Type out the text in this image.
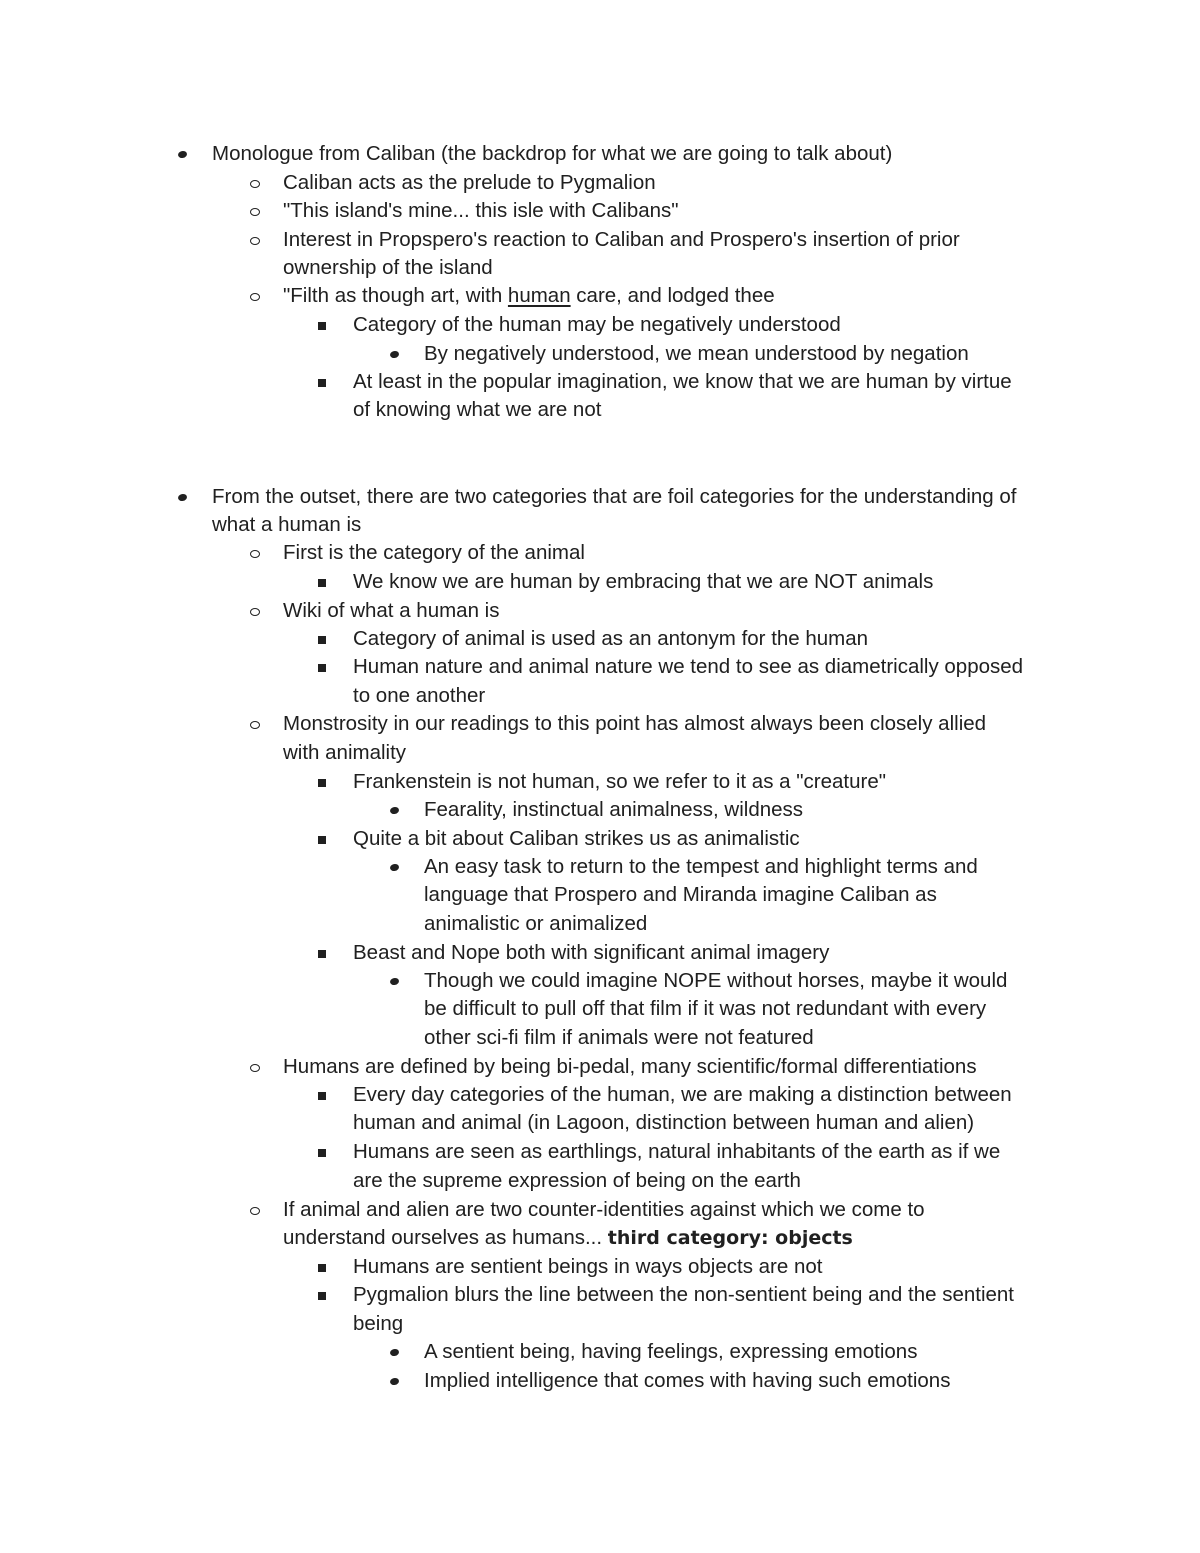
Monologue from Caliban (the backdrop for what we are going to talk about)
Caliban acts as the prelude to Pygmalion
"This island's mine... this isle with Calibans"
Interest in Propspero's reaction to Caliban and Prospero's insertion of prior
ownership of the island
"Filth as though art, with human care, and lodged thee
Category of the human may be negatively understood
By negatively understood, we mean understood by negation
At least in the popular imagination, we know that we are human by virtue
of knowing what we are not
From the outset, there are two categories that are foil categories for the understanding of
what a human is
First is the category of the animal
We know we are human by embracing that we are NOT animals
Wiki of what a human is
Category of animal is used as an antonym for the human
Human nature and animal nature we tend to see as diametrically opposed
to one another
Monstrosity in our readings to this point has almost always been closely allied
with animality
Frankenstein is not human, so we refer to it as a "creature"
Fearality, instinctual animalness, wildness
Quite a bit about Caliban strikes us as animalistic
An easy task to return to the tempest and highlight terms and
language that Prospero and Miranda imagine Caliban as
animalistic or animalized
Beast and Nope both with significant animal imagery
Though we could imagine NOPE without horses, maybe it would
be difficult to pull off that film if it was not redundant with every
other sci-fi film if animals were not featured
Humans are defined by being bi-pedal, many scientific/formal differentiations
Every day categories of the human, we are making a distinction between
human and animal (in Lagoon, distinction between human and alien)
Humans are seen as earthlings, natural inhabitants of the earth as if we
are the supreme expression of being on the earth
If animal and alien are two counter-identities against which we come to
understand ourselves as humans... third category: objects
Humans are sentient beings in ways objects are not
Pygmalion blurs the line between the non-sentient being and the sentient
being
A sentient being, having feelings, expressing emotions
Implied intelligence that comes with having such emotions
